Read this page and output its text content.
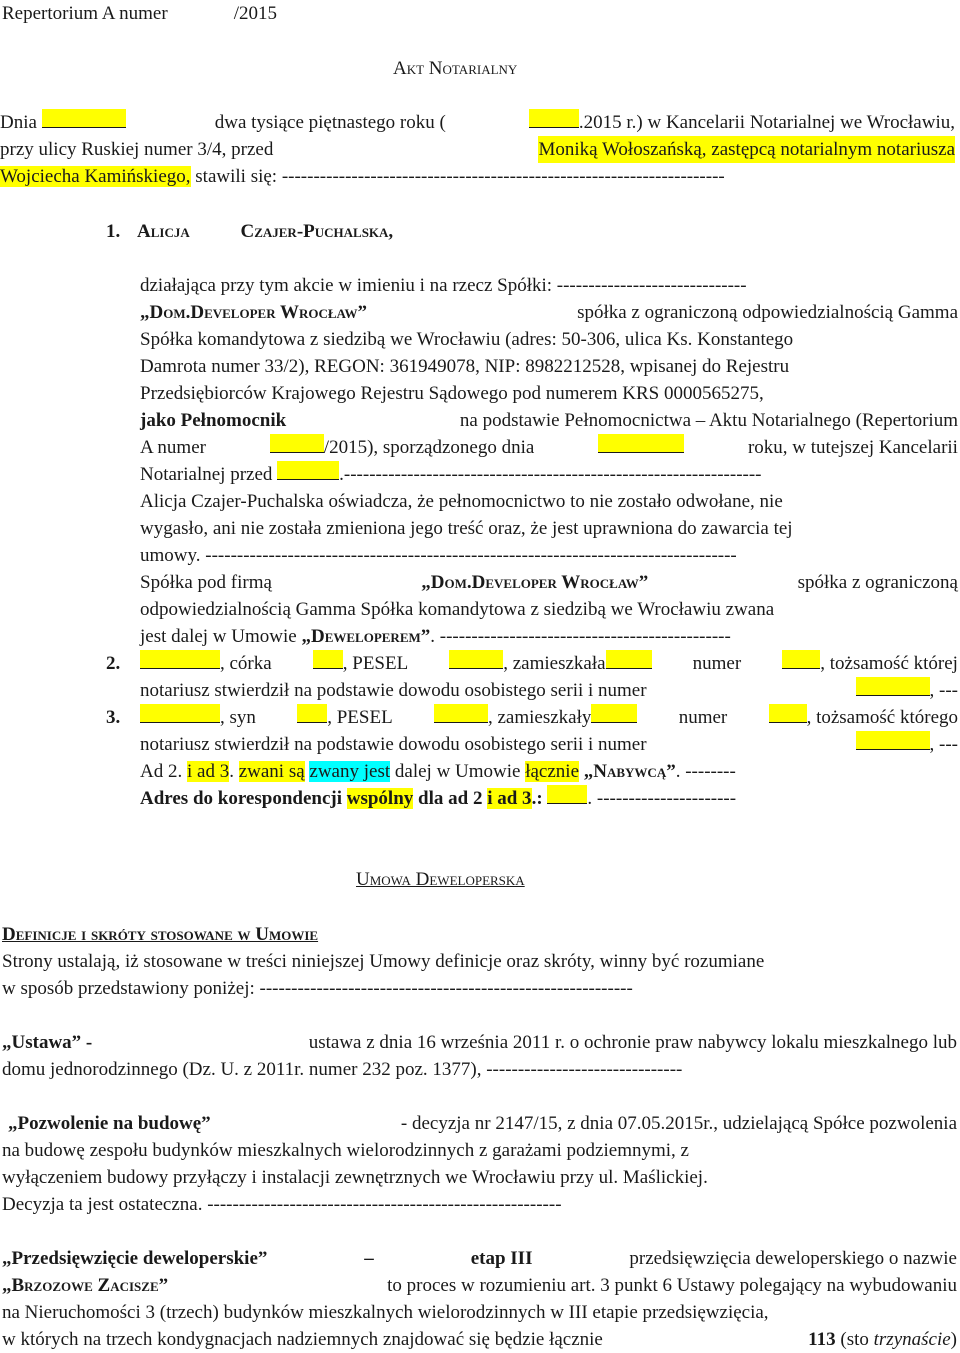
Repertorium A numer	/2015
Akt Notarialny
Dnia	dwa tysiące piętnastego roku (	.2015 r.) w Kancelarii Notarialnej we Wrocławiu,
przy ulicy Ruskiej numer 3/4, przed	Moniką Wołoszańską, zastępcą notarialnym notariusza
Wojciecha Kamińskiego, stawili się: ----------------------------------------------------------------------
1. Alicja	Czajer-Puchalska,
działająca przy tym akcie w imieniu i na rzecz Spółki: ------------------------------
„Dom.Developer Wrocław”	spółka z ograniczoną odpowiedzialnością Gamma
Spółka komandytowa z siedzibą we Wrocławiu (adres: 50-306, ulica Ks. Konstantego
Damrota numer 33/2), REGON: 361949078, NIP: 8982212528, wpisanej do Rejestru
Przedsiębiorców Krajowego Rejestru Sądowego pod numerem KRS 0000565275,
jako Pełnomocnik	na podstawie Pełnomocnictwa – Aktu Notarialnego (Repertorium
A numer	/2015), sporządzonego dnia	roku, w tutejszej Kancelarii
Notarialnej przed	.------------------------------------------------------------------
Alicja Czajer-Puchalska oświadcza, że pełnomocnictwo to nie zostało odwołane, nie
wygasło, ani nie została zmieniona jego treść oraz, że jest uprawniona do zawarcia tej
umowy. ------------------------------------------------------------------------------------
Spółka pod firmą	„Dom.Developer Wrocław”	spółka z ograniczoną
odpowiedzialnością Gamma Spółka komandytowa z siedzibą we Wrocławiu zwana
jest dalej w Umowie „Deweloperem”. ----------------------------------------------
2.	, córka	, PESEL	, zamieszkała	numer	, tożsamość której
notariusz stwierdził na podstawie dowodu osobistego serii i numer	, ---
3.	, syn	, PESEL	, zamieszkały	numer	, tożsamość którego
notariusz stwierdził na podstawie dowodu osobistego serii i numer	, ---
Ad 2. i ad 3. zwani są zwany jest dalej w Umowie łącznie „Nabywcą”. --------
Adres do korespondencji wspólny dla ad 2 i ad 3.: . ----------------------
Umowa Deweloperska
Definicje i skróty stosowane w Umowie
Strony ustalają, iż stosowane w treści niniejszej Umowy definicje oraz skróty, winny być rozumiane
w sposób przedstawiony poniżej: -----------------------------------------------------------
„Ustawa” -	ustawa z dnia 16 września 2011 r. o ochronie praw nabywcy lokalu mieszkalnego lub
domu jednorodzinnego (Dz. U. z 2011r. numer 232 poz. 1377), -------------------------------
„Pozwolenie na budowę”	- decyzja nr 2147/15, z dnia 07.05.2015r., udzielającą Spółce pozwolenia
na budowę zespołu budynków mieszkalnych wielorodzinnych z garażami podziemnymi, z
wyłączeniem budowy przyłączy i instalacji zewnętrznych we Wrocławiu przy ul. Maślickiej.
Decyzja ta jest ostateczna. --------------------------------------------------------
„Przedsięwzięcie deweloperskie”	–	etap III	przedsięwzięcia deweloperskiego o nazwie
„Brzozowe Zacisze”	to proces w rozumieniu art. 3 punkt 6 Ustawy polegający na wybudowaniu
na Nieruchomości 3 (trzech) budynków mieszkalnych wielorodzinnych w III etapie przedsięwzięcia,
w których na trzech kondygnacjach nadziemnych znajdować się będzie łącznie	113 (sto trzynaście)
